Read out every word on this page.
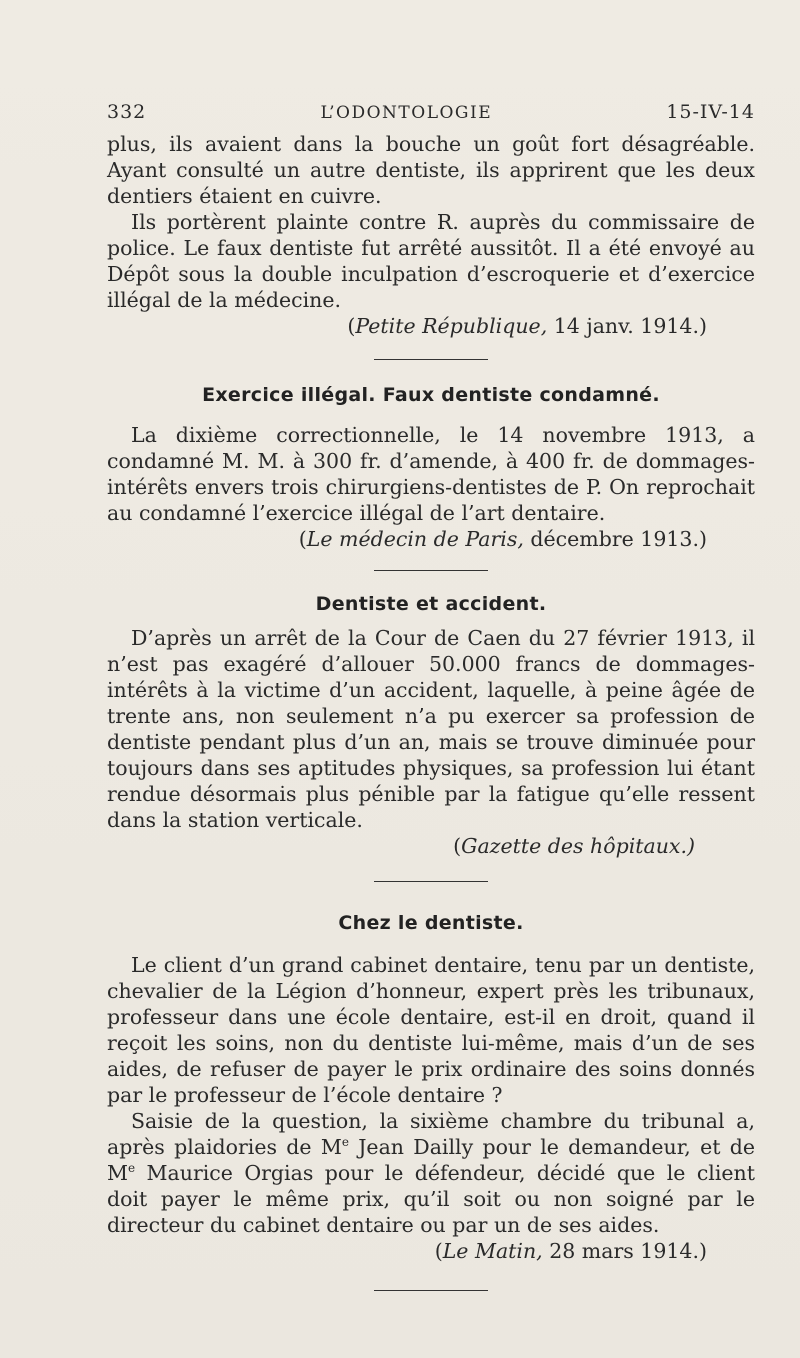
332	L’ODONTOLOGIE	15-IV-14

plus, ils avaient dans la bouche un goût fort désagréable. Ayant consulté un autre dentiste, ils apprirent que les deux dentiers étaient en cuivre.

Ils portèrent plainte contre R. auprès du commissaire de police. Le faux dentiste fut arrêté aussitôt. Il a été envoyé au Dépôt sous la double inculpation d’escroquerie et d’exercice illégal de la médecine.

(Petite République, 14 janv. 1914.)
Exercice illégal. Faux dentiste condamné.

La dixième correctionnelle, le 14 novembre 1913, a condamné M. M. à 300 fr. d’amende, à 400 fr. de dommages-intérêts envers trois chirurgiens-dentistes de P. On reprochait au condamné l’exercice illégal de l’art dentaire.

(Le médecin de Paris, décembre 1913.)
Dentiste et accident.

D’après un arrêt de la Cour de Caen du 27 février 1913, il n’est pas exagéré d’allouer 50.000 francs de dommages-intérêts à la victime d’un accident, laquelle, à peine âgée de trente ans, non seulement n’a pu exercer sa profession de dentiste pendant plus d’un an, mais se trouve diminuée pour toujours dans ses aptitudes physiques, sa profession lui étant rendue désormais plus pénible par la fatigue qu’elle ressent dans la station verticale.

(Gazette des hôpitaux.)
Chez le dentiste.

Le client d’un grand cabinet dentaire, tenu par un dentiste, chevalier de la Légion d’honneur, expert près les tribunaux, professeur dans une école dentaire, est-il en droit, quand il reçoit les soins, non du dentiste lui-même, mais d’un de ses aides, de refuser de payer le prix ordinaire des soins donnés par le professeur de l’école dentaire ?

Saisie de la question, la sixième chambre du tribunal a, après plaidories de Me Jean Dailly pour le demandeur, et de Me Maurice Orgias pour le défendeur, décidé que le client doit payer le même prix, qu’il soit ou non soigné par le directeur du cabinet dentaire ou par un de ses aides.

(Le Matin, 28 mars 1914.)
